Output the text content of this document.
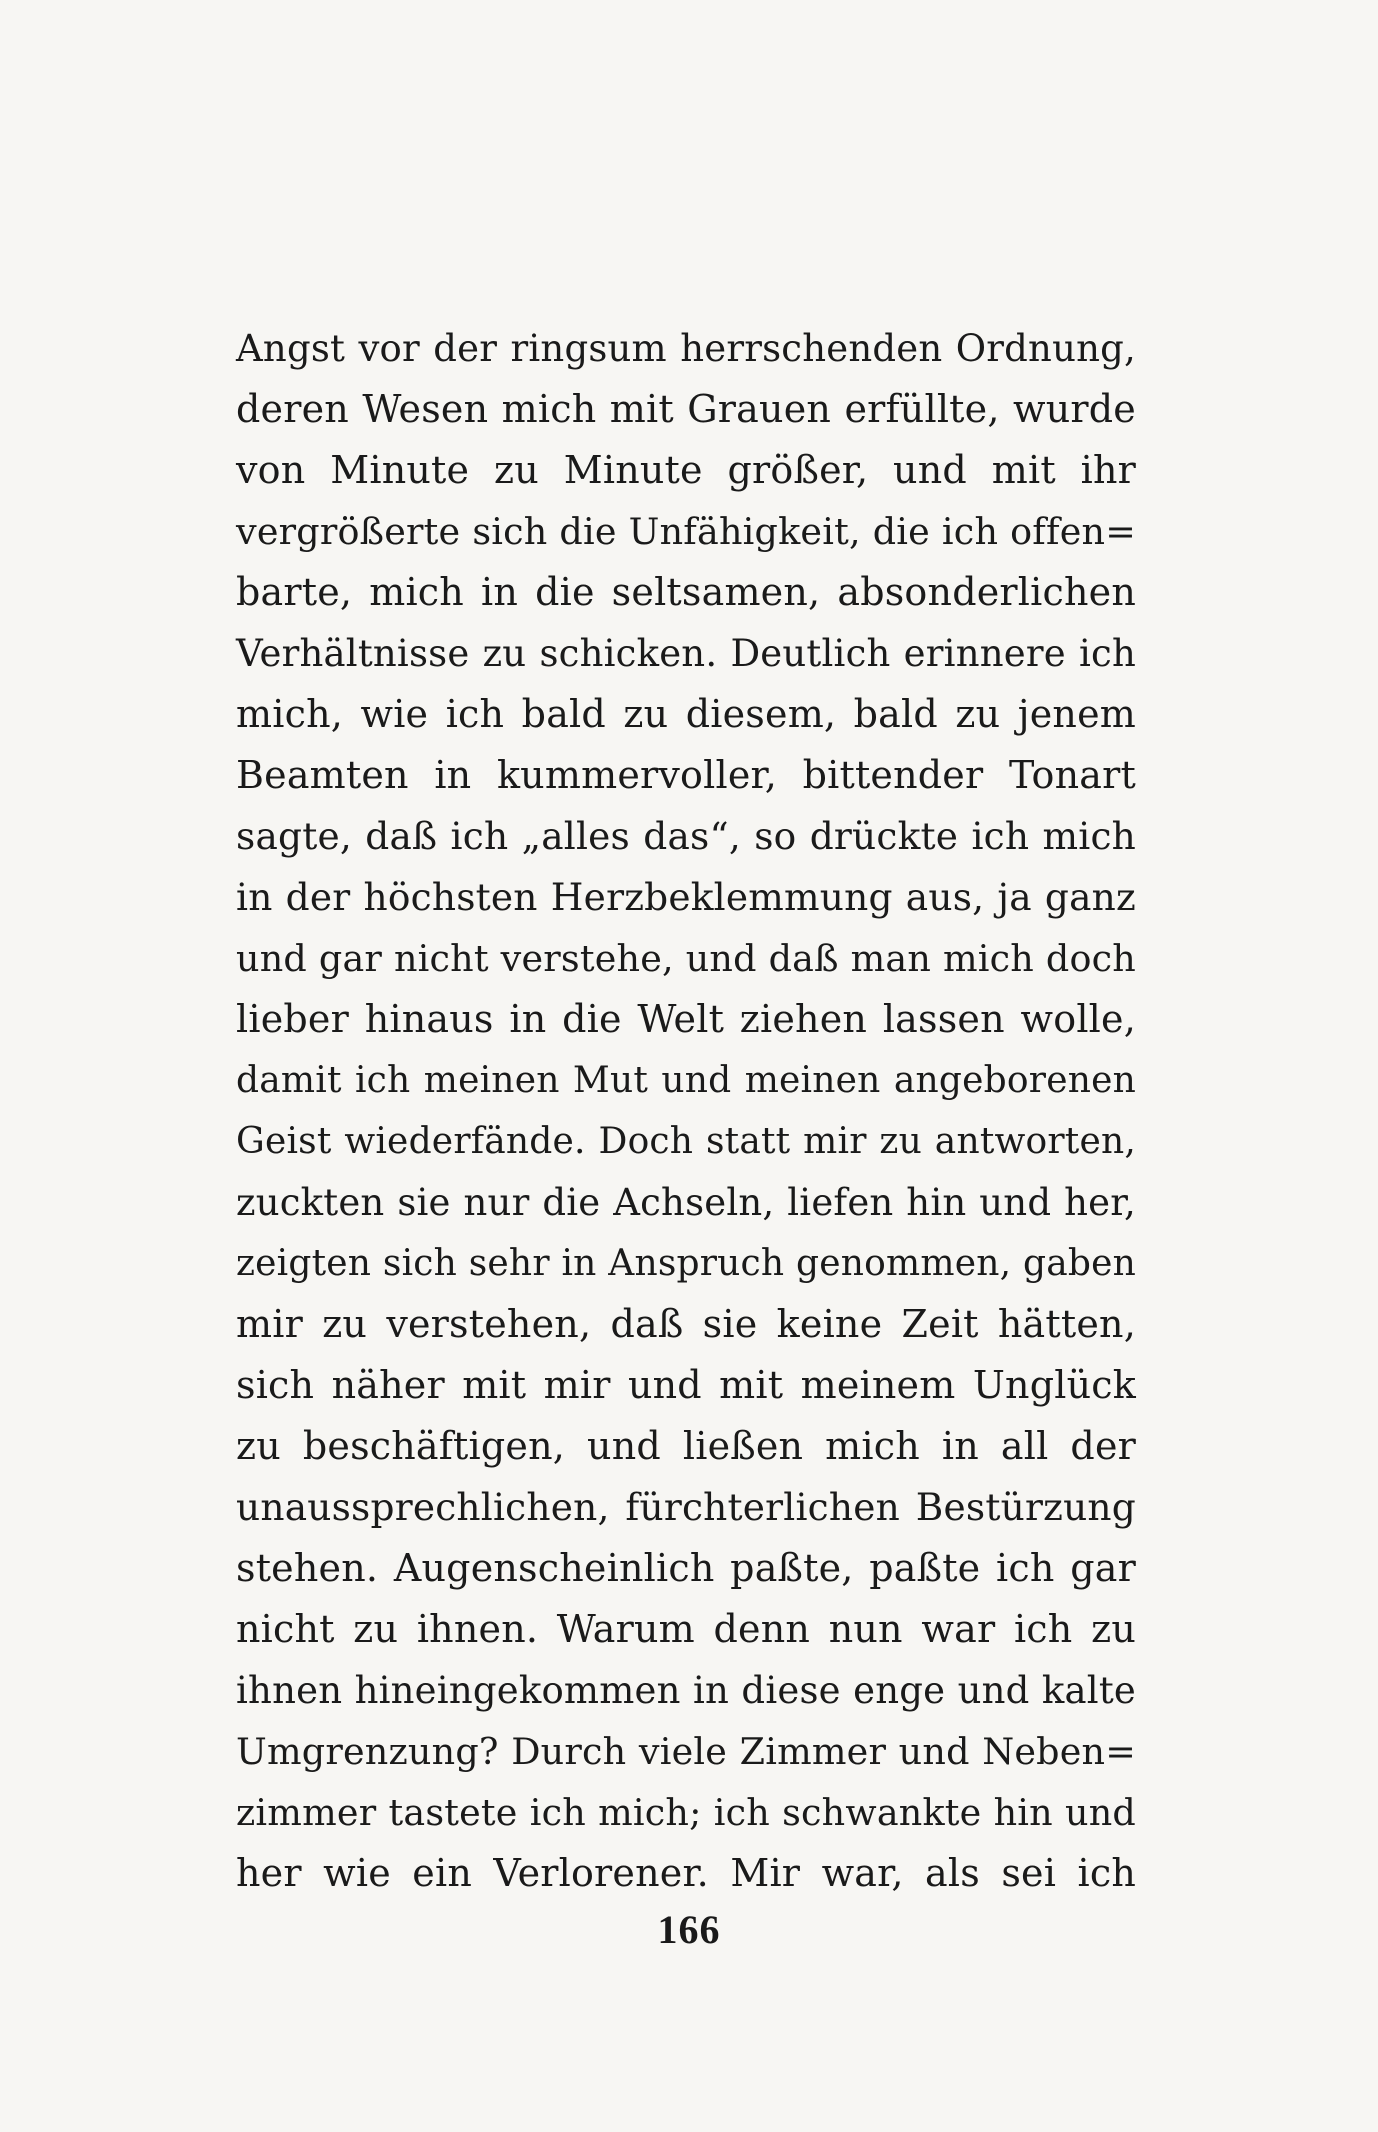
Angst vor der ringsum herrschenden Ordnung,
deren Wesen mich mit Grauen erfüllte, wurde
von Minute zu Minute größer, und mit ihr
vergrößerte sich die Unfähigkeit, die ich offen=
barte, mich in die seltsamen, absonderlichen
Verhältnisse zu schicken. Deutlich erinnere ich
mich, wie ich bald zu diesem, bald zu jenem
Beamten in kummervoller, bittender Tonart
sagte, daß ich „alles das“, so drückte ich mich
in der höchsten Herzbeklemmung aus, ja ganz
und gar nicht verstehe, und daß man mich doch
lieber hinaus in die Welt ziehen lassen wolle,
damit ich meinen Mut und meinen angeborenen
Geist wiederfände. Doch statt mir zu antworten,
zuckten sie nur die Achseln, liefen hin und her,
zeigten sich sehr in Anspruch genommen, gaben
mir zu verstehen, daß sie keine Zeit hätten,
sich näher mit mir und mit meinem Unglück
zu beschäftigen, und ließen mich in all der
unaussprechlichen, fürchterlichen Bestürzung
stehen. Augenscheinlich paßte, paßte ich gar
nicht zu ihnen. Warum denn nun war ich zu
ihnen hineingekommen in diese enge und kalte
Umgrenzung? Durch viele Zimmer und Neben=
zimmer tastete ich mich; ich schwankte hin und
her wie ein Verlorener. Mir war, als sei ich
166
